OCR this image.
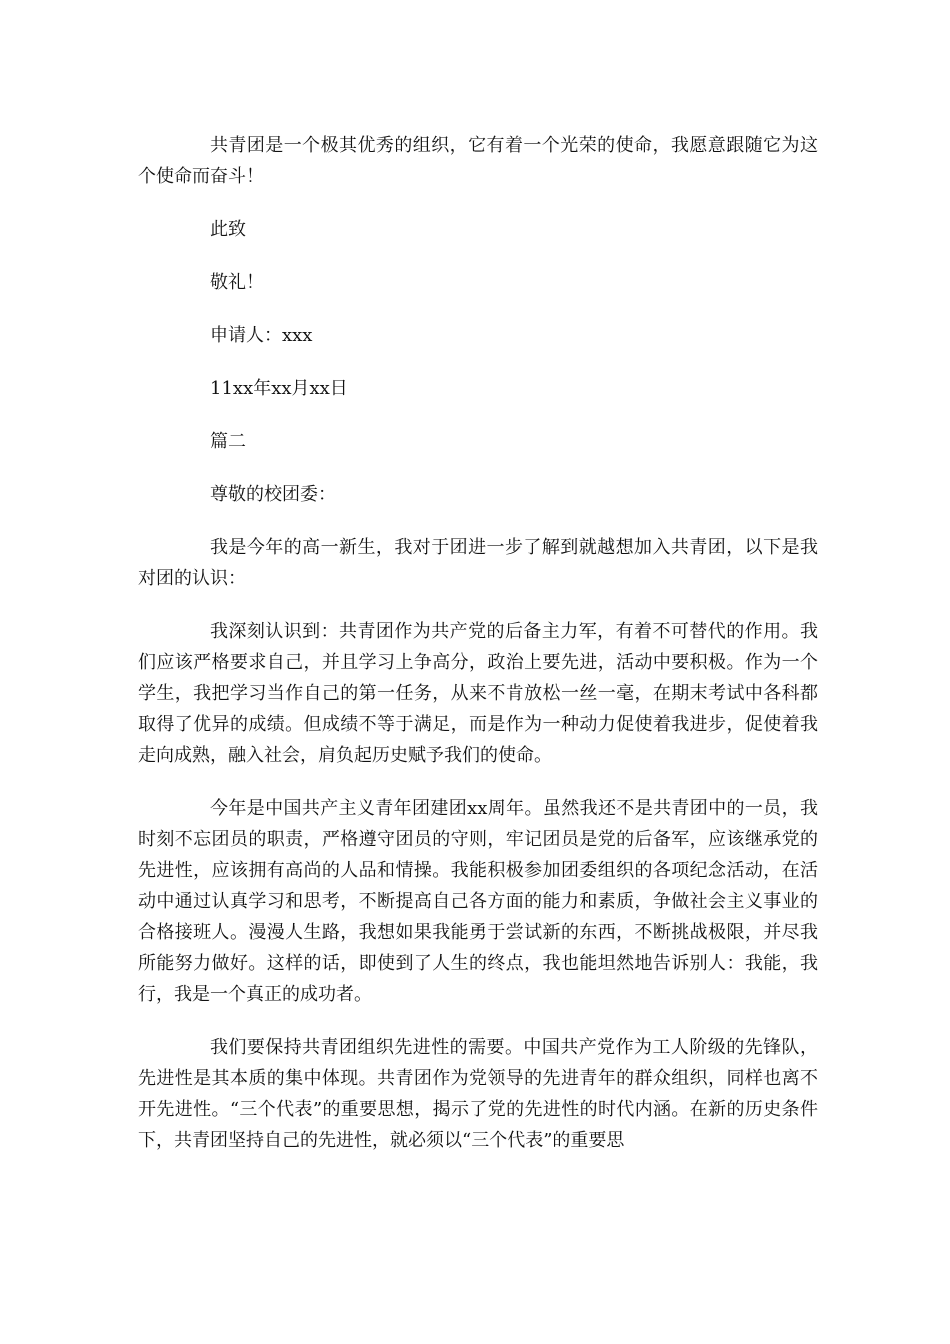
共青团是一个极其优秀的组织，它有着一个光荣的使命，我愿意跟随它为这个使命而奋斗！

此致

敬礼！

申请人：xxx

11xx年xx月xx日

篇二

尊敬的校团委：

我是今年的高一新生，我对于团进一步了解到就越想加入共青团，以下是我对团的认识：

我深刻认识到：共青团作为共产党的后备主力军，有着不可替代的作用。我们应该严格要求自己，并且学习上争高分，政治上要先进，活动中要积极。作为一个学生，我把学习当作自己的第一任务，从来不肯放松一丝一毫，在期末考试中各科都取得了优异的成绩。但成绩不等于满足，而是作为一种动力促使着我进步，促使着我走向成熟，融入社会，肩负起历史赋予我们的使命。

今年是中国共产主义青年团建团xx周年。虽然我还不是共青团中的一员，我时刻不忘团员的职责，严格遵守团员的守则，牢记团员是党的后备军，应该继承党的先进性，应该拥有高尚的人品和情操。我能积极参加团委组织的各项纪念活动，在活动中通过认真学习和思考，不断提高自己各方面的能力和素质，争做社会主义事业的合格接班人。漫漫人生路，我想如果我能勇于尝试新的东西，不断挑战极限，并尽我所能努力做好。这样的话，即使到了人生的终点，我也能坦然地告诉别人：我能，我行，我是一个真正的成功者。

我们要保持共青团组织先进性的需要。中国共产党作为工人阶级的先锋队，先进性是其本质的集中体现。共青团作为党领导的先进青年的群众组织，同样也离不开先进性。“三个代表”的重要思想，揭示了党的先进性的时代内涵。在新的历史条件下，共青团坚持自己的先进性，就必须以“三个代表”的重要思
